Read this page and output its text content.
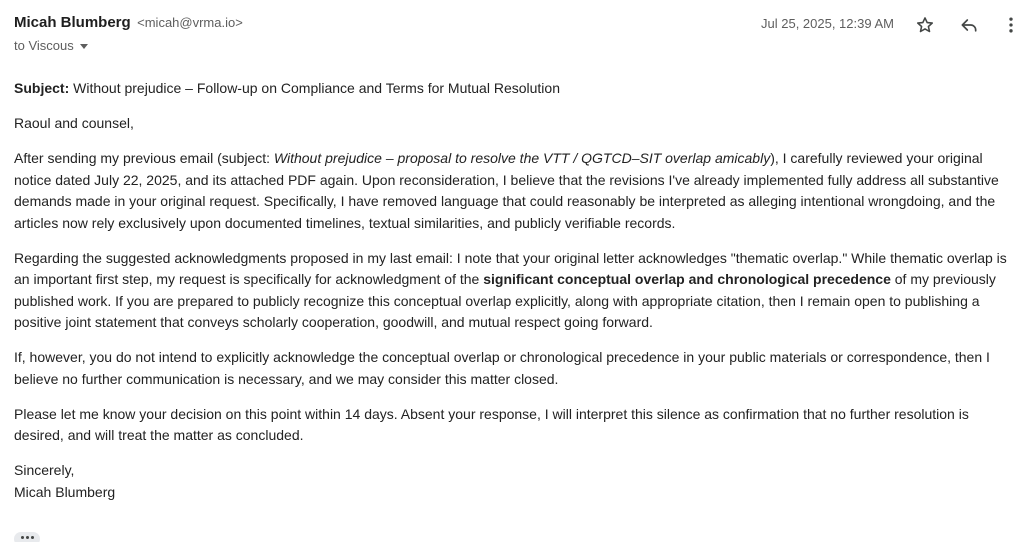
Micah Blumberg <micah@vrma.io>
to Viscous
Jul 25, 2025, 12:39 AM

Subject: Without prejudice – Follow-up on Compliance and Terms for Mutual Resolution

Raoul and counsel,

After sending my previous email (subject: Without prejudice – proposal to resolve the VTT / QGTCD–SIT overlap amicably), I carefully reviewed your original notice dated July 22, 2025, and its attached PDF again. Upon reconsideration, I believe that the revisions I've already implemented fully address all substantive demands made in your original request. Specifically, I have removed language that could reasonably be interpreted as alleging intentional wrongdoing, and the articles now rely exclusively upon documented timelines, textual similarities, and publicly verifiable records.

Regarding the suggested acknowledgments proposed in my last email: I note that your original letter acknowledges "thematic overlap." While thematic overlap is an important first step, my request is specifically for acknowledgment of the significant conceptual overlap and chronological precedence of my previously published work. If you are prepared to publicly recognize this conceptual overlap explicitly, along with appropriate citation, then I remain open to publishing a positive joint statement that conveys scholarly cooperation, goodwill, and mutual respect going forward.

If, however, you do not intend to explicitly acknowledge the conceptual overlap or chronological precedence in your public materials or correspondence, then I believe no further communication is necessary, and we may consider this matter closed.

Please let me know your decision on this point within 14 days. Absent your response, I will interpret this silence as confirmation that no further resolution is desired, and will treat the matter as concluded.

Sincerely,
Micah Blumberg
